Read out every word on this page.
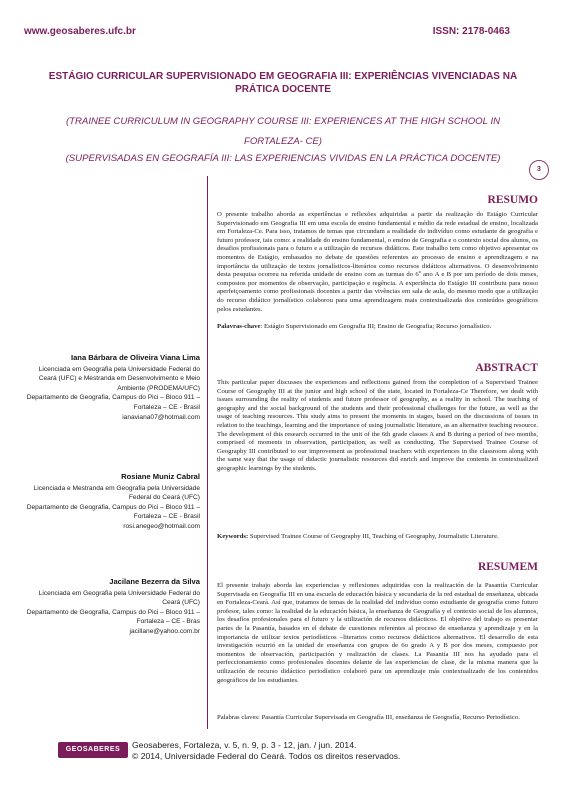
www.geosaberes.ufc.br	ISSN: 2178-0463
ESTÁGIO CURRICULAR SUPERVISIONADO EM GEOGRAFIA III: EXPERIÊNCIAS VIVENCIADAS NA PRÁTICA DOCENTE
(TRAINEE CURRICULUM IN GEOGRAPHY COURSE III: EXPERIENCES AT THE HIGH SCHOOL IN FORTALEZA- CE)
(SUPERVISADAS EN GEOGRAFÍA III: LAS EXPERIENCIAS VIVIDAS EN LA PRÁCTICA DOCENTE)
3
Iana Bárbara de Oliveira Viana Lima
Licenciada em Geografia pela Universidade Federal do Ceará (UFC) e Mestranda em Desenvolvimento e Meio Ambiente (PRODEMA/UFC)
Departamento de Geografia, Campus do Pici – Bloco 911 – Fortaleza – CE - Brasil
ianaviana07@hotmail.com
Rosiane Muniz Cabral
Licenciada e Mestranda em Geografia pela Universidade Federal do Ceará (UFC)
Departamento de Geografia, Campus do Pici – Bloco 911 – Fortaleza – CE - Brasil
rosi.anegeo@hotmail.com
Jacilane Bezerra da Silva
Licenciada em Geografia pela Universidade Federal do Ceará (UFC)
Departamento de Geografia, Campus do Pici – Bloco 911 – Fortaleza – CE - Bras
jacillane@yahoo.com.br
RESUMO
O presente trabalho aborda as experiências e reflexões adquiridas a partir da realização do Estágio Curricular Supervisionado em Geografia III em uma escola de ensino fundamental e médio da rede estadual de ensino, localizada em Fortaleza-Ce. Para isso, tratamos de temas que circundam a realidade do indivíduo como estudante de geografia e futuro professor, tais como: a realidade do ensino fundamental, o ensino de Geografia e o contexto social dos alunos, os desafios profissionais para o futuro e a utilização de recursos didáticos. Este trabalho tem como objetivo apresentar os momentos de Estágio, embasados no debate de questões referentes ao processo de ensino e aprendizagem e na importância da utilização de textos jornalísticos-literários como recursos didáticos alternativos. O desenvolvimento desta pesquisa ocorreu na referida unidade de ensino com as turmas do 6º ano A e B por um período de dois meses, compostos por momentos de observação, participação e regência. A experiência do Estágio III contribuiu para nosso aperfeiçoamento como profissionais docentes a partir das vivências em sala de aula, do mesmo modo que a utilização do recurso didático jornalístico colaborou para uma aprendizagem mais contextualizada dos conteúdos geográficos pelos estudantes.
Palavras-chave: Estágio Supervisionado em Geografia III; Ensino de Geografia; Recurso jornalístico.
ABSTRACT
This particular paper discusses the experiences and reflections gained from the completion of a Supervised Trainee Course of Geography III at the junior and high school of the state, located in Fortaleza-Ce Therefore, we dealt with issues surrounding the reality of students and future professor of geography, as a reality in school. The teaching of geography and the social background of the students and their professional challenges for the future, as well as the usage of teaching resources. This study aims to present the moments in stages, based on the discussions of issues in relation to the teachings, learning and the importance of using journalistic literature, as an alternative teaching resource. The development of this research occurred in the unit of the 6th grade classes A and B during a period of two months, comprised of moments in observation, participation, as well as conducting. The Supervised Trainee Course of Geography III contributed to our improvement as professional teachers with experiences in the classroom along with the same way that the usage of didactic journalistic resources did enrich and improve the contents in contextualized geographic learnings by the students.
Keywords: Supervised Trainee Course of Geography III, Teaching of Geography, Journalistic Literature.
RESUMEM
El presente trabajo aborda las experiencias y reflexiones adquiridas con la realización de la Pasantía Curricular Supervisada en Geografía III en una escuela de educación básica y secundaria de la red estadual de enseñanza, ubicada en Fortaleza-Ceará. Así que, tratamos de temas de la realidad del individuo como estudiante de geografía como futuro profesor, tales como: la realidad de la educación básica, la enseñanza de Geografía y el contexto social de los alumnos, los desafíos profesionales para el futuro y la utilización de recursos didácticos. El objetivo del trabajo es presentar partes de la Pasantía, basados en el debate de cuestiones referentes al proceso de enseñanza y aprendizaje y en la importancia de utilizar textos periodísticos –literarios como recursos didácticos alternativos. El desarrollo de esta investigación ocurrió en la unidad de enseñanza con grupos de 6o grado A y B por dos meses, compuesto por momentos de observación, participación y realización de clases. La Pasantía III nos ha ayudado para el perfeccionamiento como profesionales docentes delante de las experiencias de clase, de la misma manera que la utilización de recurso didáctico periodístico colaboró para un aprendizaje más contextualizado de los contenidos geográficos de los estudiantes.
Palabras claves: Pasantía Curricular Supervisada en Geografía III, enseñanza de Geografía, Recurso Periodístico.
GEOSABERES	Geosaberes, Fortaleza, v. 5, n. 9, p. 3 - 12, jan. / jun. 2014.
© 2014, Universidade Federal do Ceará. Todos os direitos reservados.
